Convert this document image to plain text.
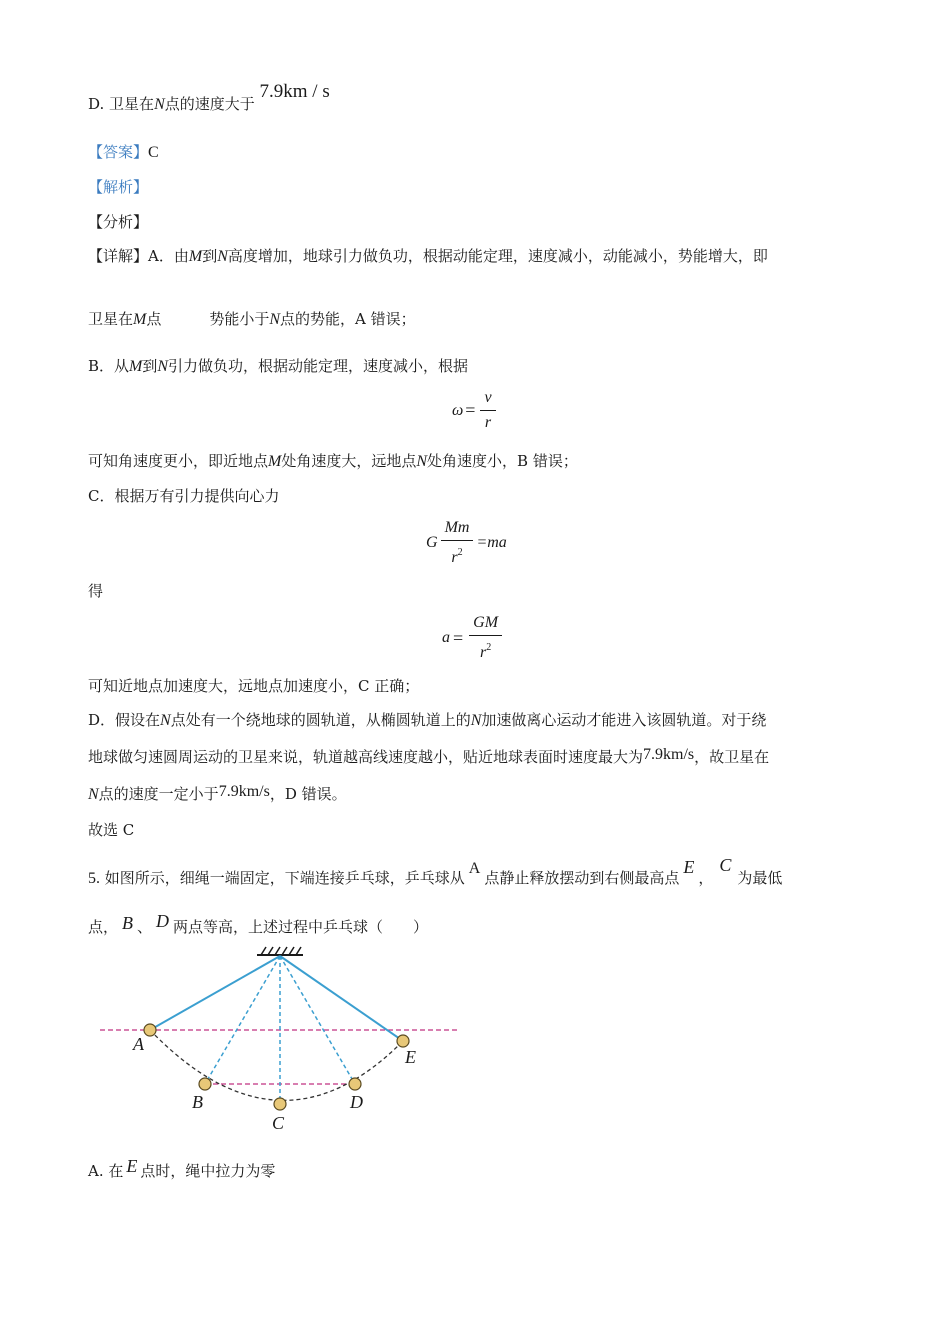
D. 卫星在N点的速度大于 7.9km / s
【答案】C
【解析】
【分析】
【详解】A．由M到N高度增加，地球引力做负功，根据动能定理，速度减小，动能减小，势能增大，即
卫星在M点	势能小于N点的势能，A 错误；
B．从M到N引力做负功，根据动能定理，速度减小，根据
$\omega = \frac{v}{r}$
可知角速度更小，即近地点M处角速度大，远地点N处角速度小，B 错误；
C．根据万有引力提供向心力
G $\frac{Mm}{r^2} =ma$
得
$a = \frac{GM}{r^2}$
可知近地点加速度大，远地点加速度小，C 正确；
D．假设在N点处有一个绕地球的圆轨道，从椭圆轨道上的N加速做离心运动才能进入该圆轨道。对于绕
地球做匀速圆周运动的卫星来说，轨道越高线速度越小，贴近地球表面时速度最大为7.9km/s，故卫星在
N点的速度一定小于7.9km/s，D 错误。
故选 C
5. 如图所示，细绳一端固定，下端连接乒乓球，乒乓球从A点静止释放摆动到右侧最高点E，C为最低
点， B 、 D 两点等高，上述过程中乒乓球（　　）
A
B
C
D
E
A. 在 E 点时，绳中拉力为零
